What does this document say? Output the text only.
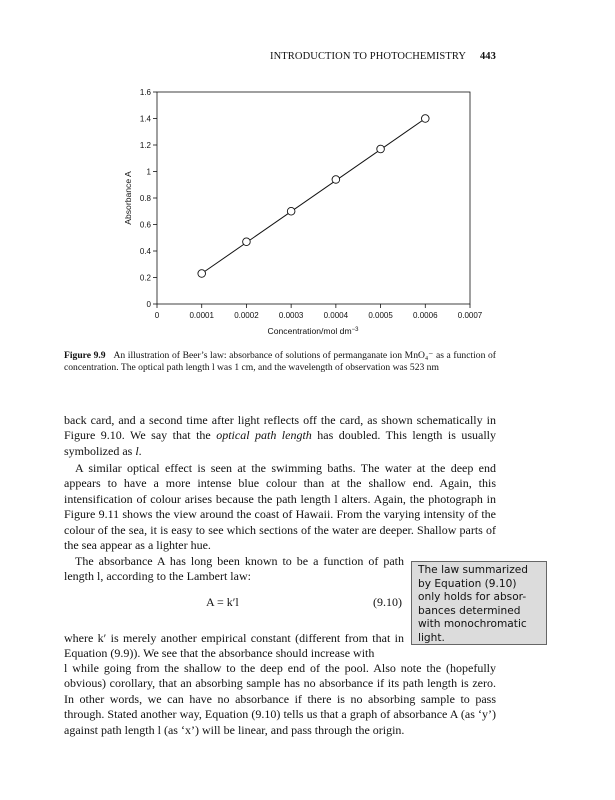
INTRODUCTION TO PHOTOCHEMISTRY 443
0
0.2
0.4
0.6
0.8
1
1.2
1.4
1.6
0	0.0001	0.0002	0.0003	0.0004	0.0005	0.0006	0.0007
Concentration/mol $dm^{-3}$
Absorbance A
Figure 9.9 An illustration of Beer’s law: absorbance of solutions of permanganate ion MnO₄⁻ as a function of concentration. The optical path length l was 1 cm, and the wavelength of observation was 523 nm

back card, and a second time after light reflects off the card, as shown schematically in Figure 9.10. We say that the optical path length has doubled. This length is usually symbolized as l.

A similar optical effect is seen at the swimming baths. The water at the deep end appears to have a more intense blue colour than at the shallow end. Again, this intensification of colour arises because the path length l alters. Again, the photograph in Figure 9.11 shows the view around the coast of Hawaii. From the varying intensity of the colour of the sea, it is easy to see which sections of the water are deeper. Shallow parts of the sea appear as a lighter hue.

The absorbance A has long been known to be a function of path length l, according to the Lambert law:

A = k′l	(9.10)

where k′ is merely another empirical constant (different from that in Equation (9.9)). We see that the absorbance should increase with

l while going from the shallow to the deep end of the pool. Also note the (hopefully obvious) corollary, that an absorbing sample has no absorbance if its path length is zero. In other words, we can have no absorbance if there is no absorbing sample to pass through. Stated another way, Equation (9.10) tells us that a graph of absorbance A (as ‘y’) against path length l (as ‘x’) will be linear, and pass through the origin.

The law summarized by Equation (9.10) only holds for absor- bances determined with monochromatic light.
